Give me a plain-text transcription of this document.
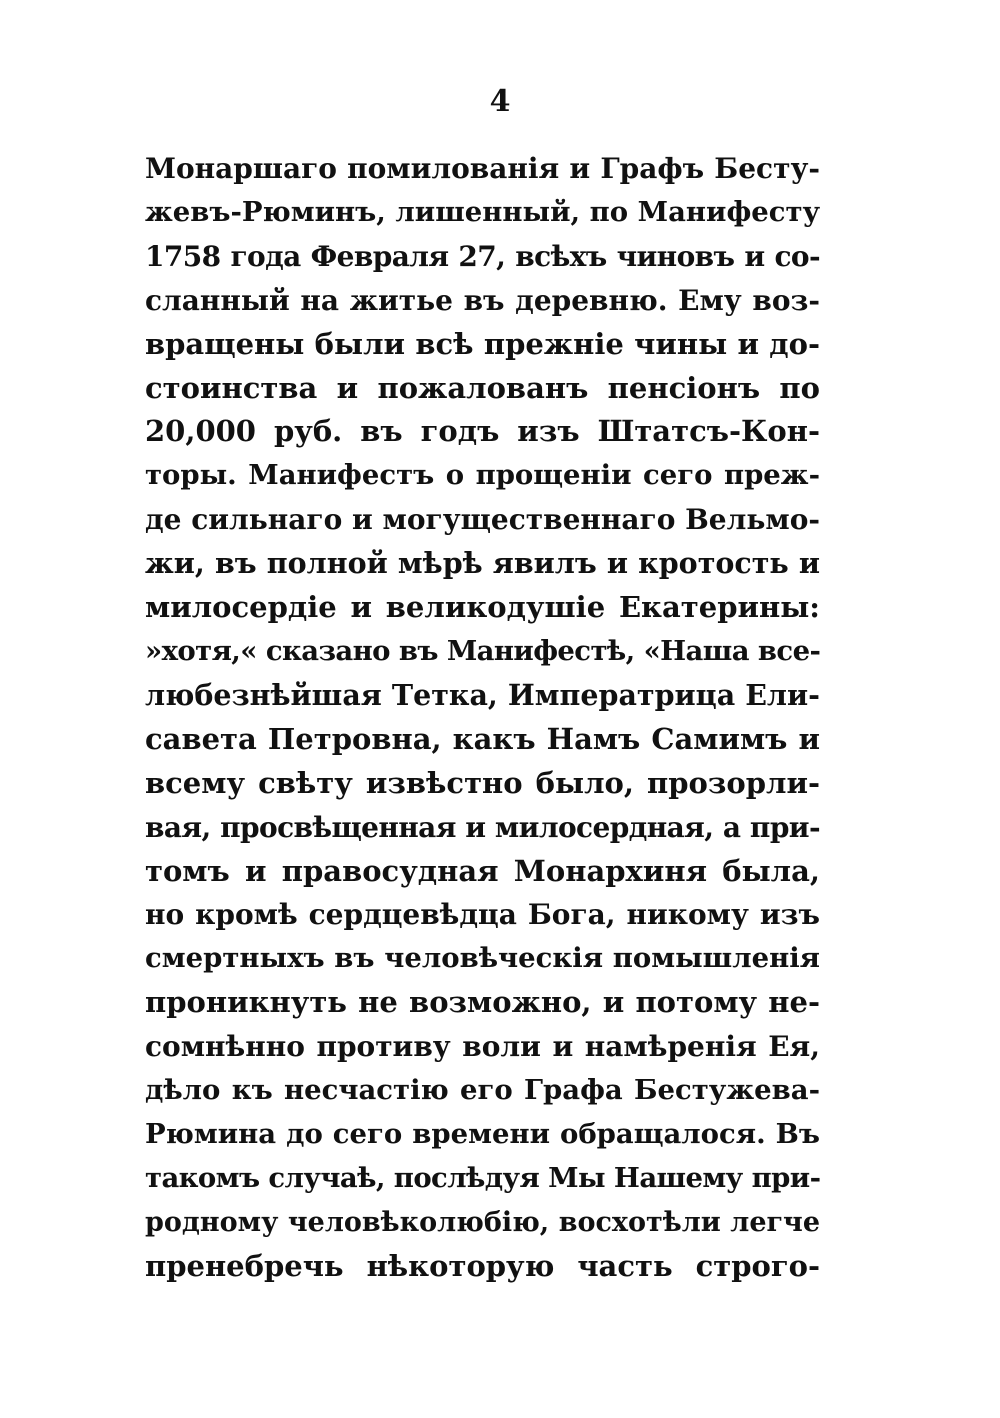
4
Монаршаго помилованія и Графъ Бесту-
жевъ-Рюминъ, лишенный, по Манифесту
1758 года Февраля 27, всѣхъ чиновъ и со-
сланный на житье въ деревню. Ему воз-
вращены были всѣ прежніе чины и до-
стоинства и пожалованъ пенсіонъ по
20,000 руб. въ годъ изъ Штатсъ-Кон-
торы. Манифестъ о прощеніи сего преж-
де сильнаго и могущественнаго Вельмо-
жи, въ полной мѣрѣ явилъ и кротость и
милосердіе и великодушіе Екатерины:
»хотя,« сказано въ Манифестѣ, «Наша все-
любезнѣйшая Тетка, Императрица Ели-
савета Петровна, какъ Намъ Самимъ и
всему свѣту извѣстно было, прозорли-
вая, просвѣщенная и милосердная, а при-
томъ и правосудная Монархиня была,
но кромѣ сердцевѣдца Бога, никому изъ
смертныхъ въ человѣческія помышленія
проникнуть не возможно, и потому не-
сомнѣнно противу воли и намѣренія Ея,
дѣло къ несчастію его Графа Бестужева-
Рюмина до сего времени обращалося. Въ
такомъ случаѣ, послѣдуя Мы Нашему при-
родному человѣколюбію, восхотѣли легче
пренебречь нѣкоторую часть строго-
